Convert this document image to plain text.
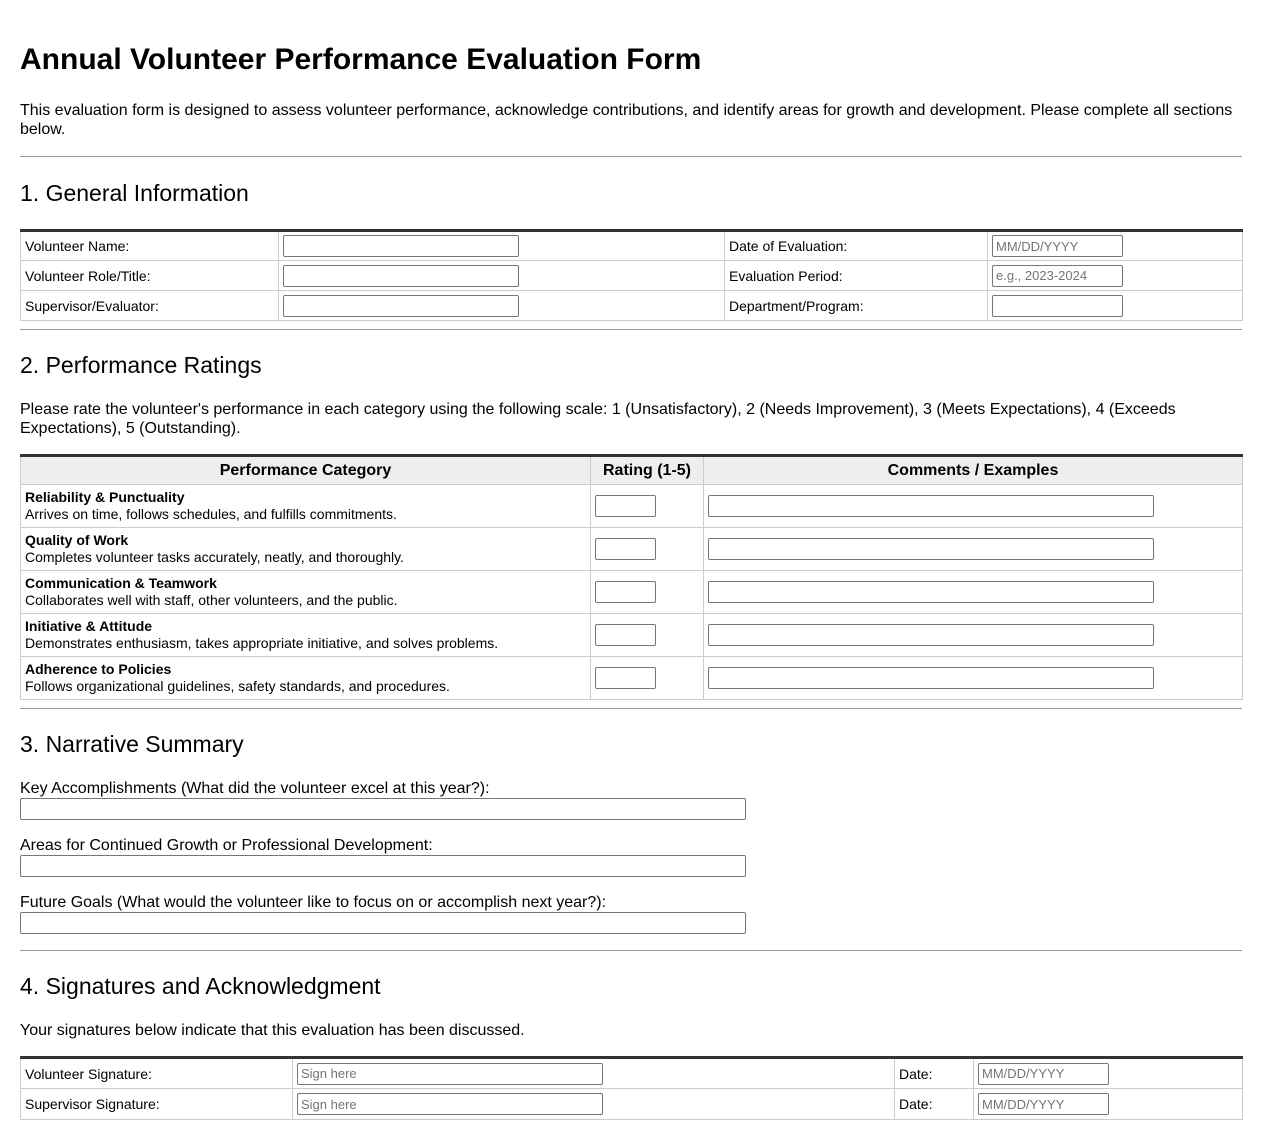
Annual Volunteer Performance Evaluation Form

This evaluation form is designed to assess volunteer performance, acknowledge contributions, and identify areas for growth and development. Please complete all sections below.

1. General Information
Volunteer Name:		Date of Evaluation:	MM/DD/YYYY
Volunteer Role/Title:		Evaluation Period:	e.g., 2023-2024
Supervisor/Evaluator:		Department/Program:	
2. Performance Ratings

Please rate the volunteer's performance in each category using the following scale: 1 (Unsatisfactory), 2 (Needs Improvement), 3 (Meets Expectations), 4 (Exceeds Expectations), 5 (Outstanding).

Performance Category	Rating (1-5)	Comments / Examples

Reliability & Punctuality
Arrives on time, follows schedules, and fulfills commitments.

Quality of Work
Completes volunteer tasks accurately, neatly, and thoroughly.

Communication & Teamwork
Collaborates well with staff, other volunteers, and the public.

Initiative & Attitude
Demonstrates enthusiasm, takes appropriate initiative, and solves problems.

Adherence to Policies
Follows organizational guidelines, safety standards, and procedures.

3. Narrative Summary

Key Accomplishments (What did the volunteer excel at this year?):

Areas for Continued Growth or Professional Development:

Future Goals (What would the volunteer like to focus on or accomplish next year?):

4. Signatures and Acknowledgment

Your signatures below indicate that this evaluation has been discussed.

Volunteer Signature:	Sign here	Date:	MM/DD/YYYY
Supervisor Signature:	Sign here	Date:	MM/DD/YYYY
